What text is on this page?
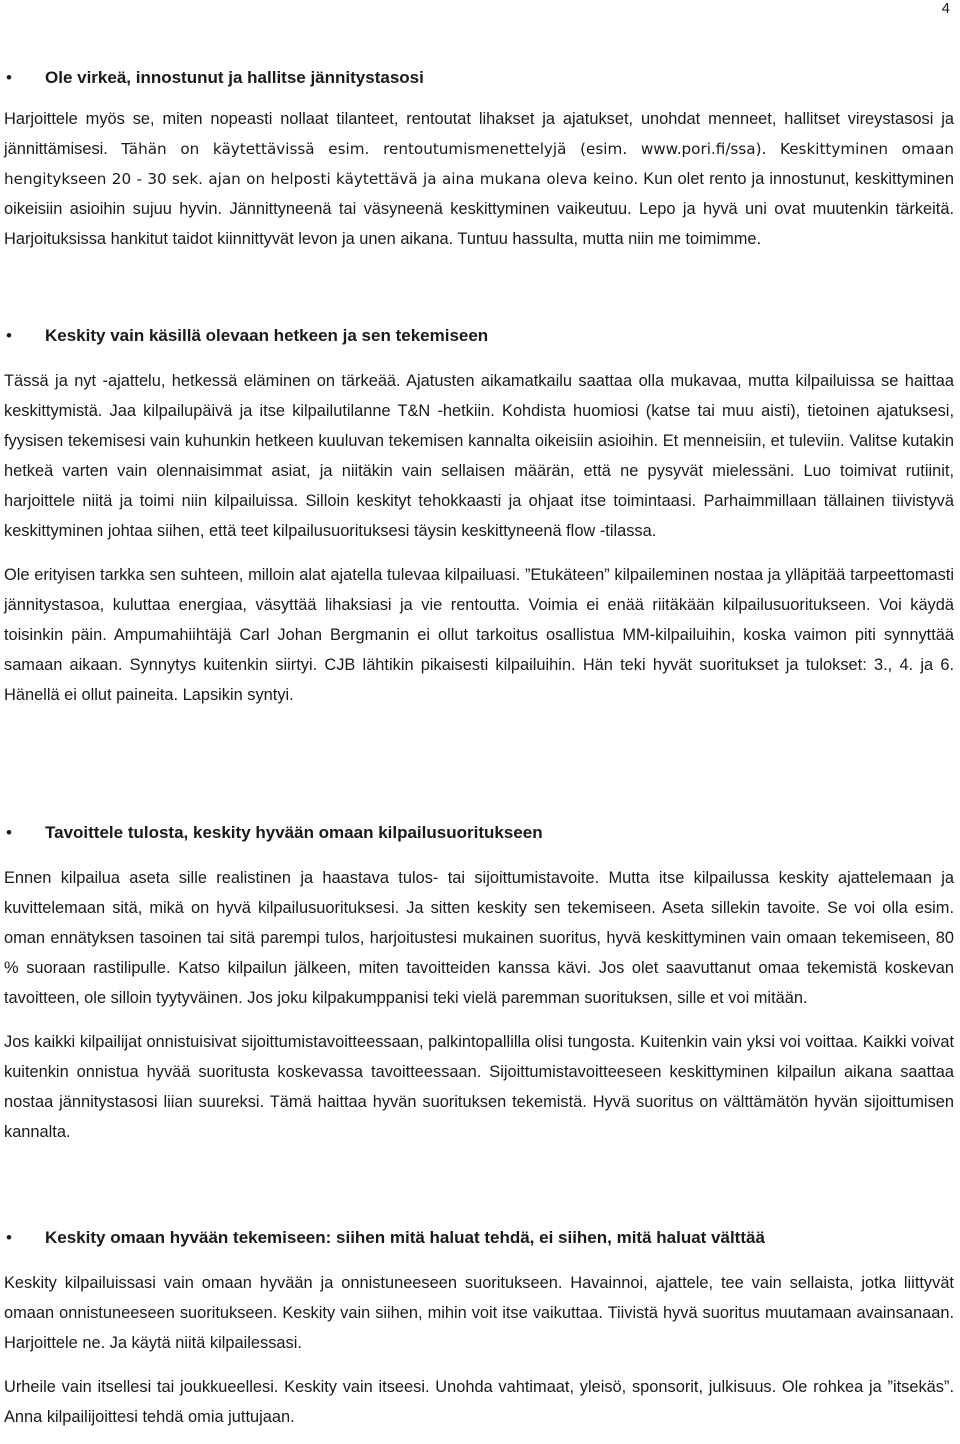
4
• Ole virkeä, innostunut ja hallitse jännitystasosi
Harjoittele myös se, miten nopeasti nollaat tilanteet, rentoutat lihakset ja ajatukset, unohdat menneet, hallitset vireystasosi ja jännittämisesi. Tähän on käytettävissä esim. rentoutumismenettelyjä (esim. www.pori.fi/ssa). Keskittyminen omaan hengitykseen 20 - 30 sek. ajan on helposti käytettävä ja aina mukana oleva keino. Kun olet rento ja innostunut, keskittyminen oikeisiin asioihin sujuu hyvin. Jännittyneenä tai väsyneenä keskittyminen vaikeutuu. Lepo ja hyvä uni ovat muutenkin tärkeitä. Harjoituksissa hankitut taidot kiinnittyvät levon ja unen aikana. Tuntuu hassulta, mutta niin me toimimme.
• Keskity vain käsillä olevaan hetkeen ja sen tekemiseen
Tässä ja nyt -ajattelu, hetkessä eläminen on tärkeää. Ajatusten aikamatkailu saattaa olla mukavaa, mutta kilpailuissa se haittaa keskittymistä. Jaa kilpailupäivä ja itse kilpailutilanne T&N -hetkiin. Kohdista huomiosi (katse tai muu aisti), tietoinen ajatuksesi, fyysisen tekemisesi vain kuhunkin hetkeen kuuluvan tekemisen kannalta oikeisiin asioihin. Et menneisiin, et tuleviin. Valitse kutakin hetkeä varten vain olennaisimmat asiat, ja niitäkin vain sellaisen määrän, että ne pysyvät mielessäni. Luo toimivat rutiinit, harjoittele niitä ja toimi niin kilpailuissa. Silloin keskityt tehokkaasti ja ohjaat itse toimintaasi. Parhaimmillaan tällainen tiivistyvä keskittyminen johtaa siihen, että teet kilpailusuorituksesi täysin keskittyneenä flow -tilassa.
Ole erityisen tarkka sen suhteen, milloin alat ajatella tulevaa kilpailuasi. ”Etukäteen” kilpaileminen nostaa ja ylläpitää tarpeettomasti jännitystasoa, kuluttaa energiaa, väsyttää lihaksiasi ja vie rentoutta. Voimia ei enää riitäkään kilpailusuoritukseen. Voi käydä toisinkin päin. Ampumahiihtäjä Carl Johan Bergmanin ei ollut tarkoitus osallistua MM-kilpailuihin, koska vaimon piti synnyttää samaan aikaan. Synnytys kuitenkin siirtyi. CJB lähtikin pikaisesti kilpailuihin. Hän teki hyvät suoritukset ja tulokset: 3., 4. ja 6. Hänellä ei ollut paineita. Lapsikin syntyi.
• Tavoittele tulosta, keskity hyvään omaan kilpailusuoritukseen
Ennen kilpailua aseta sille realistinen ja haastava tulos- tai sijoittumistavoite. Mutta itse kilpailussa keskity ajattelemaan ja kuvittelemaan sitä, mikä on hyvä kilpailusuorituksesi. Ja sitten keskity sen tekemiseen. Aseta sillekin tavoite. Se voi olla esim. oman ennätyksen tasoinen tai sitä parempi tulos, harjoitustesi mukainen suoritus, hyvä keskittyminen vain omaan tekemiseen, 80 % suoraan rastilipulle. Katso kilpailun jälkeen, miten tavoitteiden kanssa kävi. Jos olet saavuttanut omaa tekemistä koskevan tavoitteen, ole silloin tyytyväinen. Jos joku kilpakumppanisi teki vielä paremman suorituksen, sille et voi mitään.
Jos kaikki kilpailijat onnistuisivat sijoittumistavoitteessaan, palkintopallilla olisi tungosta. Kuitenkin vain yksi voi voittaa. Kaikki voivat kuitenkin onnistua hyvää suoritusta koskevassa tavoitteessaan. Sijoittumistavoitteeseen keskittyminen kilpailun aikana saattaa nostaa jännitystasosi liian suureksi. Tämä haittaa hyvän suorituksen tekemistä. Hyvä suoritus on välttämätön hyvän sijoittumisen kannalta.
• Keskity omaan hyvään tekemiseen: siihen mitä haluat tehdä, ei siihen, mitä haluat välttää
Keskity kilpailuissasi vain omaan hyvään ja onnistuneeseen suoritukseen. Havainnoi, ajattele, tee vain sellaista, jotka liittyvät omaan onnistuneeseen suoritukseen. Keskity vain siihen, mihin voit itse vaikuttaa. Tiivistä hyvä suoritus muutamaan avainsanaan. Harjoittele ne. Ja käytä niitä kilpailessasi.
Urheile vain itsellesi tai joukkueellesi. Keskity vain itseesi. Unohda vahtimaat, yleisö, sponsorit, julkisuus. Ole rohkea ja ”itsekäs”. Anna kilpailijoittesi tehdä omia juttujaan.
